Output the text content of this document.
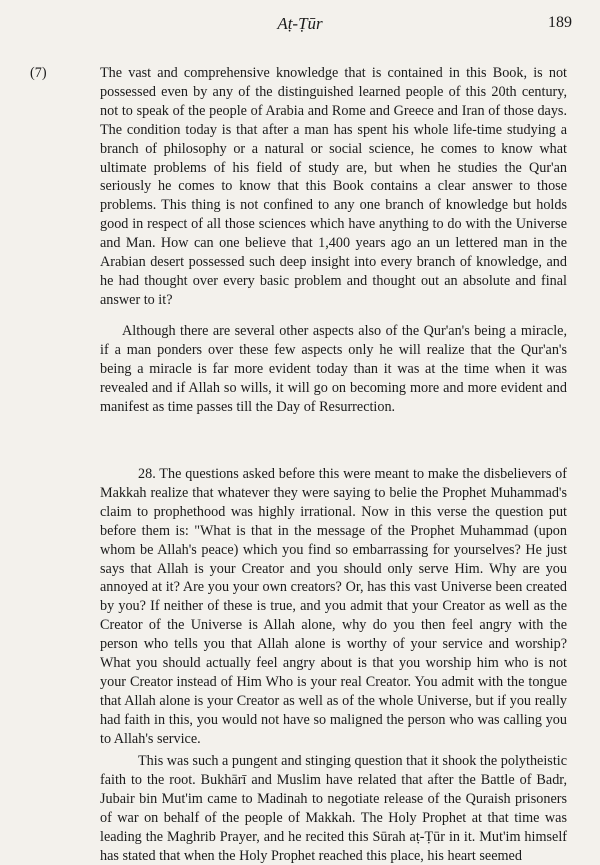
Aṭ-Ṭūr	189
(7)	The vast and comprehensive knowledge that is contained in this Book, is not possessed even by any of the distinguished learned people of this 20th century, not to speak of the people of Arabia and Rome and Greece and Iran of those days. The condition today is that after a man has spent his whole life-time studying a branch of philosophy or a natural or social science, he comes to know what ultimate problems of his field of study are, but when he studies the Qur'an seriously he comes to know that this Book contains a clear answer to those problems. This thing is not confined to any one branch of knowledge but holds good in respect of all those sciences which have anything to do with the Universe and Man. How can one believe that 1,400 years ago an un lettered man in the Arabian desert possessed such deep insight into every branch of knowledge, and he had thought over every basic problem and thought out an absolute and final answer to it?
Although there are several other aspects also of the Qur'an's being a miracle, if a man ponders over these few aspects only he will realize that the Qur'an's being a miracle is far more evident today than it was at the time when it was revealed and if Allah so wills, it will go on becoming more and more evident and manifest as time passes till the Day of Resurrection.
28. The questions asked before this were meant to make the disbelievers of Makkah realize that whatever they were saying to belie the Prophet Muhammad's claim to prophethood was highly irrational. Now in this verse the question put before them is: "What is that in the message of the Prophet Muhammad (upon whom be Allah's peace) which you find so embarrassing for yourselves? He just says that Allah is your Creator and you should only serve Him. Why are you annoyed at it? Are you your own creators? Or, has this vast Universe been created by you? If neither of these is true, and you admit that your Creator as well as the Creator of the Universe is Allah alone, why do you then feel angry with the person who tells you that Allah alone is worthy of your service and worship? What you should actually feel angry about is that you worship him who is not your Creator instead of Him Who is your real Creator. You admit with the tongue that Allah alone is your Creator as well as of the whole Universe, but if you really had faith in this, you would not have so maligned the person who was calling you to Allah's service.
This was such a pungent and stinging question that it shook the polytheistic faith to the root. Bukhārī and Muslim have related that after the Battle of Badr, Jubair bin Mut'im came to Madinah to negotiate release of the Quraish prisoners of war on behalf of the people of Makkah. The Holy Prophet at that time was leading the Maghrib Prayer, and he recited this Sūrah aṭ-Ṭūr in it. Mut'im himself has stated that when the Holy Prophet reached this place, his heart seemed
